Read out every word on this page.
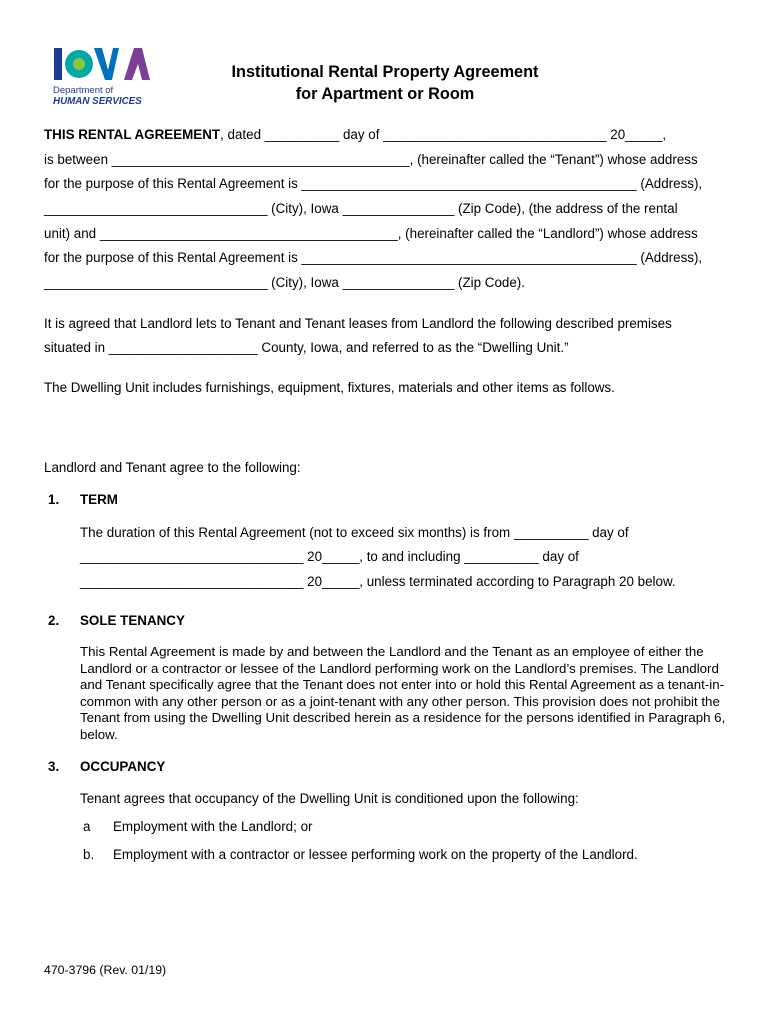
Department of
HUMAN SERVICES
Institutional Rental Property Agreement
for Apartment or Room
THIS RENTAL AGREEMENT, dated __________ day of ______________________________ 20_____,
is between ________________________________________, (hereinafter called the “Tenant”) whose address
for the purpose of this Rental Agreement is _____________________________________________ (Address),
______________________________ (City), Iowa _______________ (Zip Code), (the address of the rental
unit) and ________________________________________, (hereinafter called the “Landlord”) whose address
for the purpose of this Rental Agreement is _____________________________________________ (Address),
______________________________ (City), Iowa _______________ (Zip Code).
It is agreed that Landlord lets to Tenant and Tenant leases from Landlord the following described premises
situated in ____________________ County, Iowa, and referred to as the “Dwelling Unit.”
The Dwelling Unit includes furnishings, equipment, fixtures, materials and other items as follows.
Landlord and Tenant agree to the following:
1. TERM
The duration of this Rental Agreement (not to exceed six months) is from __________ day of
______________________________ 20_____, to and including __________ day of
______________________________ 20_____, unless terminated according to Paragraph 20 below.
2. SOLE TENANCY
This Rental Agreement is made by and between the Landlord and the Tenant as an employee of either the Landlord or a contractor or lessee of the Landlord performing work on the Landlord’s premises. The Landlord and Tenant specifically agree that the Tenant does not enter into or hold this Rental Agreement as a tenant-in-common with any other person or as a joint-tenant with any other person. This provision does not prohibit the Tenant from using the Dwelling Unit described herein as a residence for the persons identified in Paragraph 6, below.
3. OCCUPANCY
Tenant agrees that occupancy of the Dwelling Unit is conditioned upon the following:
a Employment with the Landlord; or
b. Employment with a contractor or lessee performing work on the property of the Landlord.
470-3796 (Rev. 01/19)
